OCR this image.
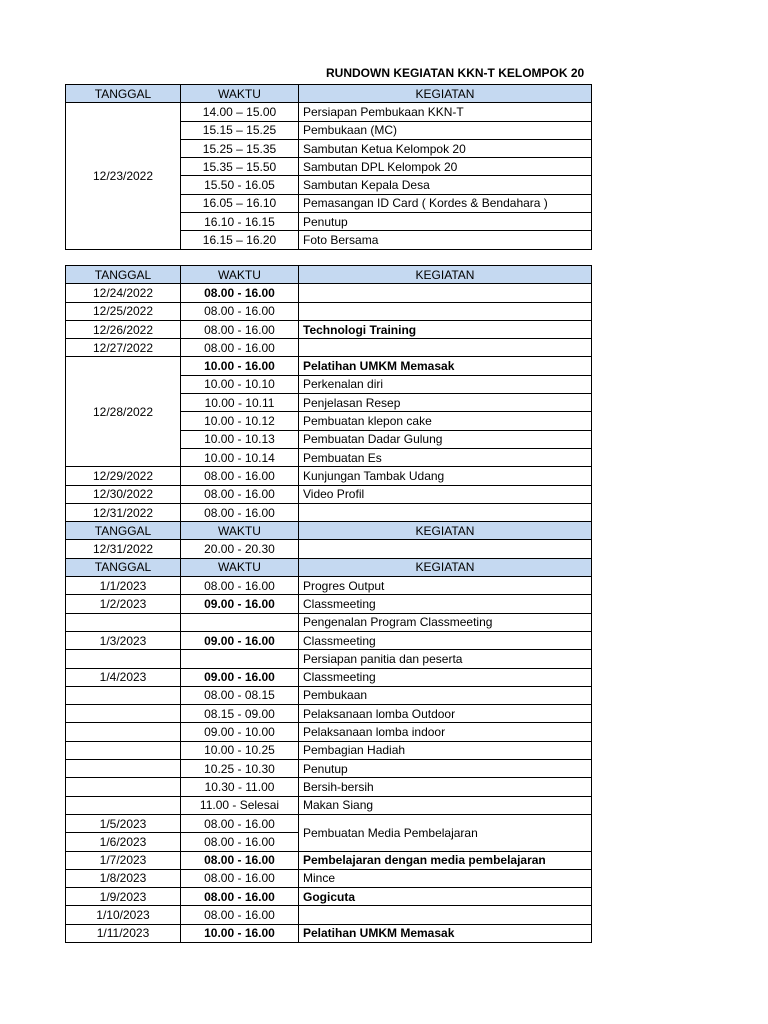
RUNDOWN KEGIATAN KKN-T KELOMPOK 20
TANGGAL	WAKTU	KEGIATAN
12/23/2022	14.00 – 15.00	Persiapan Pembukaan KKN-T
	15.15 – 15.25	Pembukaan (MC)
	15.25 – 15.35	Sambutan Ketua Kelompok 20
	15.35 – 15.50	Sambutan DPL Kelompok 20
	15.50 - 16.05	Sambutan Kepala Desa
	16.05 – 16.10	Pemasangan ID Card ( Kordes & Bendahara )
	16.10 - 16.15	Penutup
	16.15 – 16.20	Foto Bersama
TANGGAL	WAKTU	KEGIATAN
12/24/2022	08.00 - 16.00	
12/25/2022	08.00 - 16.00	
12/26/2022	08.00 - 16.00	Technologi Training
12/27/2022	08.00 - 16.00	
12/28/2022	10.00 - 16.00	Pelatihan UMKM Memasak
	10.00 - 10.10	Perkenalan diri
	10.00 - 10.11	Penjelasan Resep
	10.00 - 10.12	Pembuatan klepon cake
	10.00 - 10.13	Pembuatan Dadar Gulung
	10.00 - 10.14	Pembuatan Es
12/29/2022	08.00 - 16.00	Kunjungan Tambak Udang
12/30/2022	08.00 - 16.00	Video Profil
12/31/2022	08.00 - 16.00	
TANGGAL	WAKTU	KEGIATAN
12/31/2022	20.00 - 20.30	
TANGGAL	WAKTU	KEGIATAN
1/1/2023	08.00 - 16.00	Progres Output
1/2/2023	09.00 - 16.00	Classmeeting
		Pengenalan Program Classmeeting
1/3/2023	09.00 - 16.00	Classmeeting
		Persiapan panitia dan peserta
1/4/2023	09.00 - 16.00	Classmeeting
	08.00 - 08.15	Pembukaan
	08.15 - 09.00	Pelaksanaan lomba Outdoor
	09.00 - 10.00	Pelaksanaan lomba indoor
	10.00 - 10.25	Pembagian Hadiah
	10.25 - 10.30	Penutup
	10.30 - 11.00	Bersih-bersih
	11.00 - Selesai	Makan Siang
1/5/2023	08.00 - 16.00	Pembuatan Media Pembelajaran
1/6/2023	08.00 - 16.00	
1/7/2023	08.00 - 16.00	Pembelajaran dengan media pembelajaran
1/8/2023	08.00 - 16.00	Mince
1/9/2023	08.00 - 16.00	Gogicuta
1/10/2023	08.00 - 16.00	
1/11/2023	10.00 - 16.00	Pelatihan UMKM Memasak
